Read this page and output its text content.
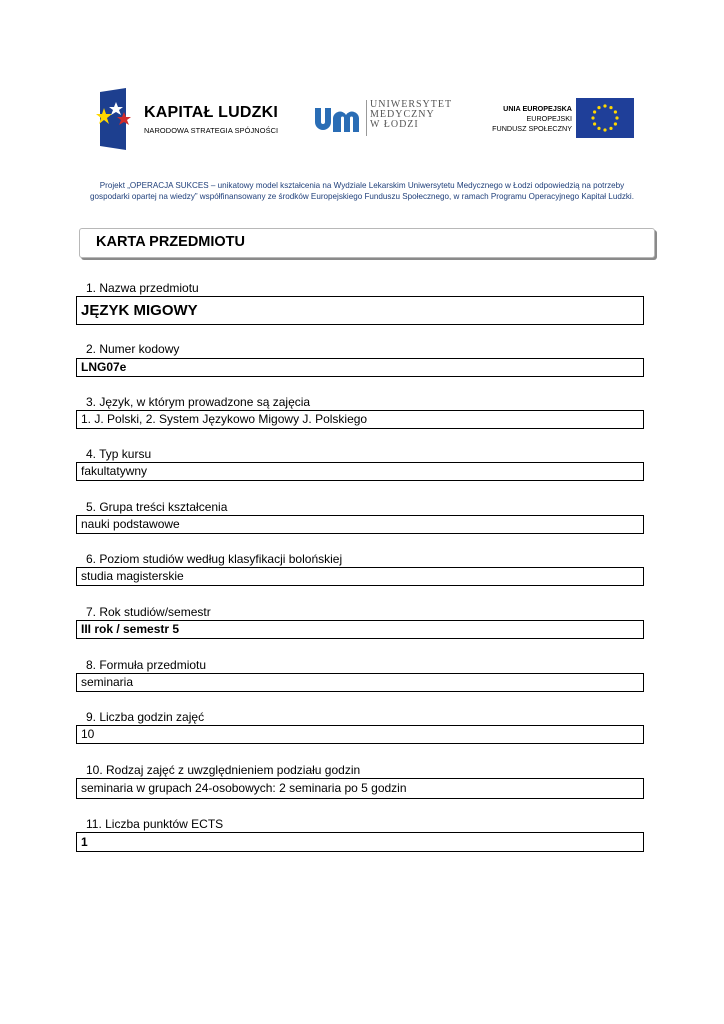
KAPITAŁ LUDZKI
NARODOWA STRATEGIA SPÓJNOŚCI
UNIWERSYTET
MEDYCZNY
W ŁODZI
UNIA EUROPEJSKA
EUROPEJSKI
FUNDUSZ SPOŁECZNY
Projekt „OPERACJA SUKCES – unikatowy model kształcenia na Wydziale Lekarskim Uniwersytetu Medycznego w Łodzi odpowiedzią na potrzeby gospodarki opartej na wiedzy” współfinansowany ze środków Europejskiego Funduszu Społecznego, w ramach Programu Operacyjnego Kapitał Ludzki.
KARTA PRZEDMIOTU
1. Nazwa przedmiotu
JĘZYK MIGOWY
2. Numer kodowy
LNG07e
3. Język, w którym prowadzone są zajęcia
1. J. Polski, 2. System Językowo Migowy J. Polskiego
4. Typ kursu
fakultatywny
5. Grupa treści kształcenia
nauki podstawowe
6. Poziom studiów według klasyfikacji bolońskiej
studia magisterskie
7. Rok studiów/semestr
III rok / semestr 5
8. Formuła przedmiotu
seminaria
9. Liczba godzin zajęć
10
10. Rodzaj zajęć z uwzględnieniem podziału godzin
seminaria w grupach 24-osobowych: 2 seminaria po 5 godzin
11. Liczba punktów ECTS
1
